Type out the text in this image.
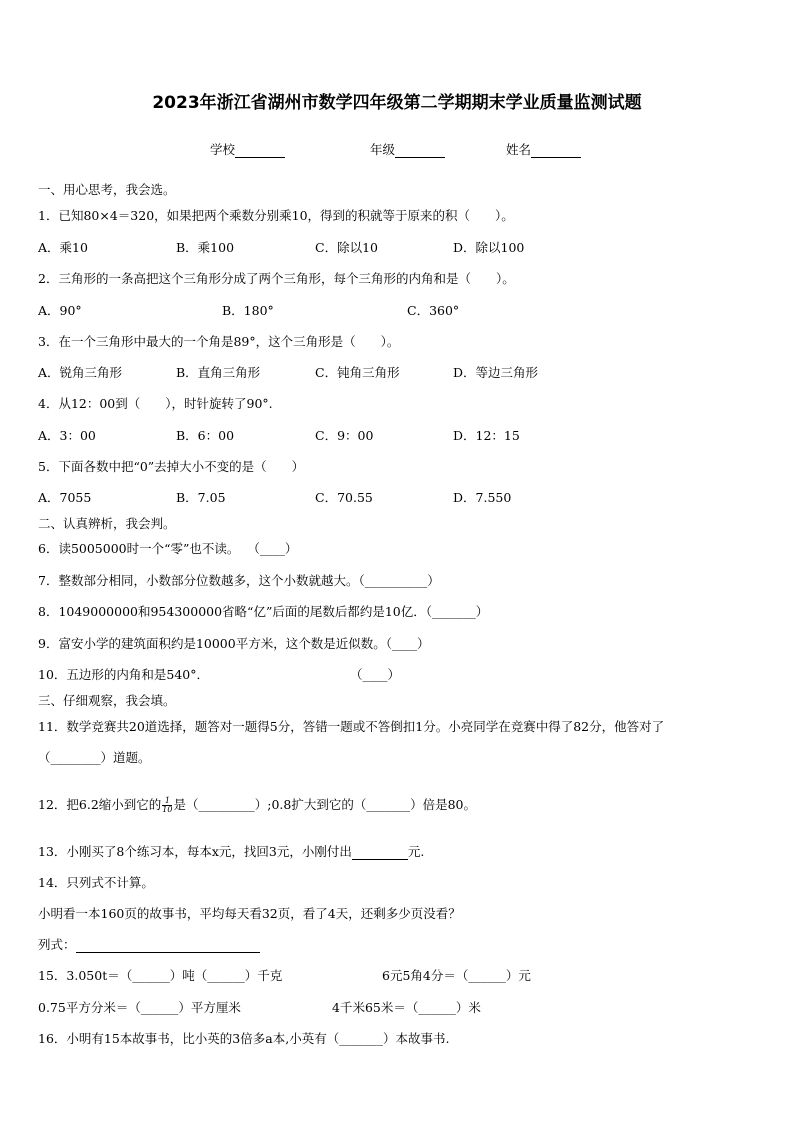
2023年浙江省湖州市数学四年级第二学期期末学业质量监测试题
学校	年级	姓名
一、用心思考，我会选。
1．已知80×4＝320，如果把两个乘数分别乘10，得到的积就等于原来的积（　　）。
A．乘10	B．乘100	C．除以10	D．除以100
2．三角形的一条高把这个三角形分成了两个三角形，每个三角形的内角和是（　　）。
A．90°	B．180°	C．360°
3．在一个三角形中最大的一个角是89°，这个三角形是（　　）。
A．锐角三角形	B．直角三角形	C．钝角三角形	D．等边三角形
4．从12：00到（　　），时针旋转了90°.
A．3：00	B．6：00	C．9：00	D．12：15
5．下面各数中把“0”去掉大小不变的是（　　）
A．7055	B．7.05	C．70.55	D．7.550
二、认真辨析，我会判。
6．读5005000时一个“零”也不读。 （____）
7．整数部分相同，小数部分位数越多，这个小数就越大。（__________）
8．1049000000和954300000省略“亿”后面的尾数后都约是10亿．（_______）
9．富安小学的建筑面积约是10000平方米，这个数是近似数。（____）
10．五边形的内角和是540°．	（____）
三、仔细观察，我会填。
11．数学竞赛共20道选择，题答对一题得5分，答错一题或不答倒扣1分。小亮同学在竞赛中得了82分，他答对了
（________）道题。
12．把6.2缩小到它的 $\frac{1}{10}$ 是（_________）;0.8扩大到它的（_______）倍是80。
13．小刚买了8个练习本，每本x元，找回3元，小刚付出	元.
14．只列式不计算。
小明看一本160页的故事书，平均每天看32页，看了4天，还剩多少页没看？
列式：
15．3.050t＝（______）吨（______）千克	6元5角4分＝（______）元
0.75平方分米＝（______）平方厘米	4千米65米＝（______）米
16．小明有15本故事书，比小英的3倍多a本,小英有（_______）本故事书.
